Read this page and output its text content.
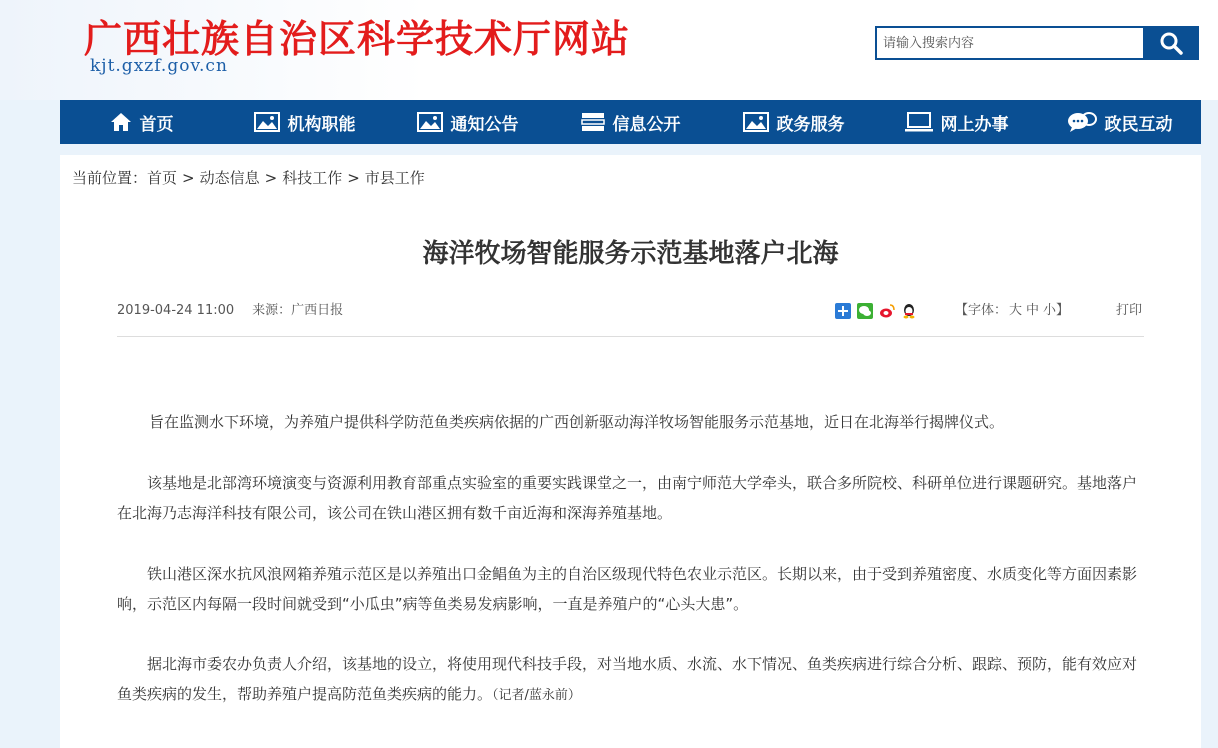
广西壮族自治区科学技术厅网站
kjt.gxzf.gov.cn
请输入搜索内容
首页	机构职能	通知公告	信息公开	政务服务	网上办事	政民互动
当前位置：首页 > 动态信息 > 科技工作 > 市县工作
海洋牧场智能服务示范基地落户北海
2019-04-24 11:00 来源：广西日报	【字体： 大 中 小】	打印
旨在监测水下环境，为养殖户提供科学防范鱼类疾病依据的广西创新驱动海洋牧场智能服务示范基地，近日在北海举行揭牌仪式。
该基地是北部湾环境演变与资源利用教育部重点实验室的重要实践课堂之一，由南宁师范大学牵头，联合多所院校、科研单位进行课题研究。基地落户在北海乃志海洋科技有限公司，该公司在铁山港区拥有数千亩近海和深海养殖基地。
铁山港区深水抗风浪网箱养殖示范区是以养殖出口金鲳鱼为主的自治区级现代特色农业示范区。长期以来，由于受到养殖密度、水质变化等方面因素影响，示范区内每隔一段时间就受到“小瓜虫”病等鱼类易发病影响，一直是养殖户的“心头大患”。
据北海市委农办负责人介绍，该基地的设立，将使用现代科技手段，对当地水质、水流、水下情况、鱼类疾病进行综合分析、跟踪、预防，能有效应对鱼类疾病的发生，帮助养殖户提高防范鱼类疾病的能力。（记者/蓝永前）
